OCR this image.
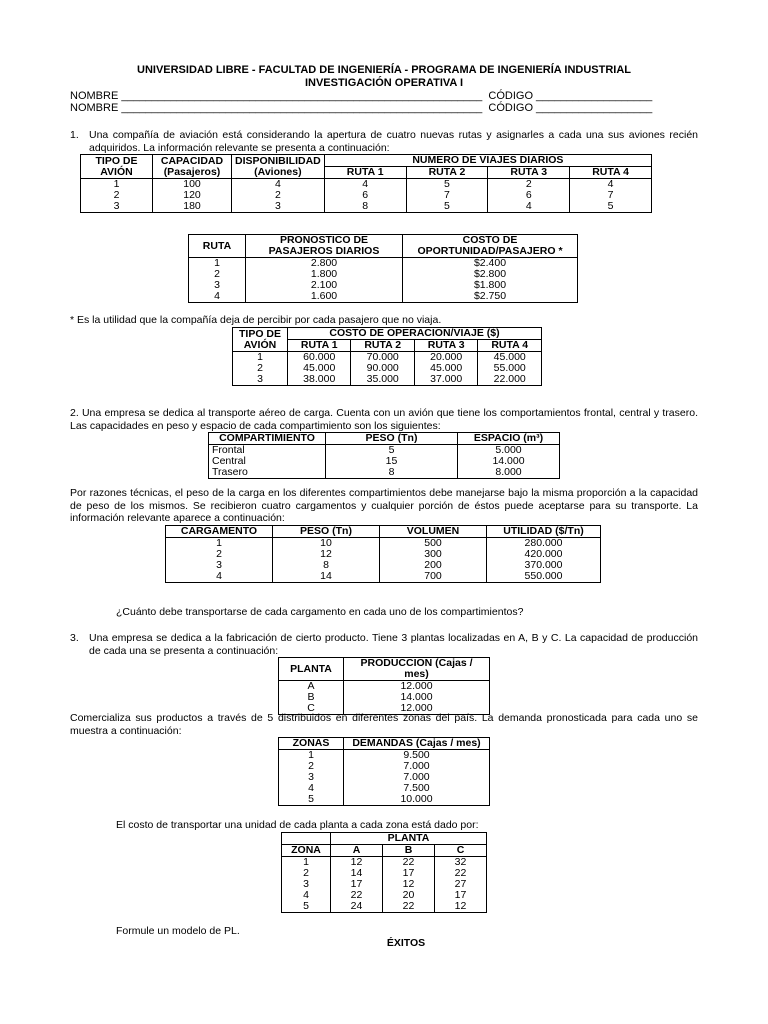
UNIVERSIDAD LIBRE - FACULTAD DE INGENIERÍA - PROGRAMA DE INGENIERÍA INDUSTRIAL
INVESTIGACIÓN OPERATIVA I
NOMBRE ___________________________________________________________  CÓDIGO ___________________
NOMBRE ___________________________________________________________  CÓDIGO ___________________
1. Una compañía de aviación está considerando la apertura de cuatro nuevas rutas y asignarles a cada una sus aviones recién adquiridos. La información relevante se presenta a continuación:
TIPO DE AVIÓN	CAPACIDAD (Pasajeros)	DISPONIBILIDAD (Aviones)	NUMERO DE VIAJES DIARIOS			
			RUTA 1	RUTA 2	RUTA 3	RUTA 4
1	100	4	4	5	2	4
2	120	2	6	7	6	7
3	180	3	8	5	4	5
RUTA	PRONOSTICO DE PASAJEROS DIARIOS	COSTO DE OPORTUNIDAD/PASAJERO *
1	2.800	$2.400
2	1.800	$2.800
3	2.100	$1.800
4	1.600	$2.750
* Es la utilidad que la compañía deja de percibir por cada pasajero que no viaja.
TIPO DE AVIÓN	COSTO DE OPERACION/VIAJE ($)			
	RUTA 1	RUTA 2	RUTA 3	RUTA 4
1	60.000	70.000	20.000	45.000
2	45.000	90.000	45.000	55.000
3	38.000	35.000	37.000	22.000
2. Una empresa se dedica al transporte aéreo de carga. Cuenta con un avión que tiene los comportamientos frontal, central y trasero. Las capacidades en peso y espacio de cada compartimiento son los siguientes:
COMPARTIMIENTO	PESO (Tn)	ESPACIO (m³)
Frontal	5	5.000
Central	15	14.000
Trasero	8	8.000
Por razones técnicas, el peso de la carga en los diferentes compartimientos debe manejarse bajo la misma proporción a la capacidad de peso de los mismos. Se recibieron cuatro cargamentos y cualquier porción de éstos puede aceptarse para su transporte. La información relevante aparece a continuación:
CARGAMENTO	PESO (Tn)	VOLUMEN	UTILIDAD ($/Tn)
1	10	500	280.000
2	12	300	420.000
3	8	200	370.000
4	14	700	550.000
¿Cuánto debe transportarse de cada cargamento en cada uno de los compartimientos?
3. Una empresa se dedica a la fabricación de cierto producto. Tiene 3 plantas localizadas en A, B y C. La capacidad de producción de cada una se presenta a continuación:
PLANTA	PRODUCCION (Cajas / mes)
A	12.000
B	14.000
C	12.000
Comercializa sus productos a través de 5 distribuidos en diferentes zonas del país. La demanda pronosticada para cada uno se muestra a continuación:
ZONAS	DEMANDAS (Cajas / mes)
1	9.500
2	7.000
3	7.000
4	7.500
5	10.000
El costo de transportar una unidad de cada planta a cada zona está dado por:
	PLANTA		
ZONA	A	B	C
1	12	22	32
2	14	17	22
3	17	12	27
4	22	20	17
5	24	22	12
Formule un modelo de PL.
ÉXITOS
